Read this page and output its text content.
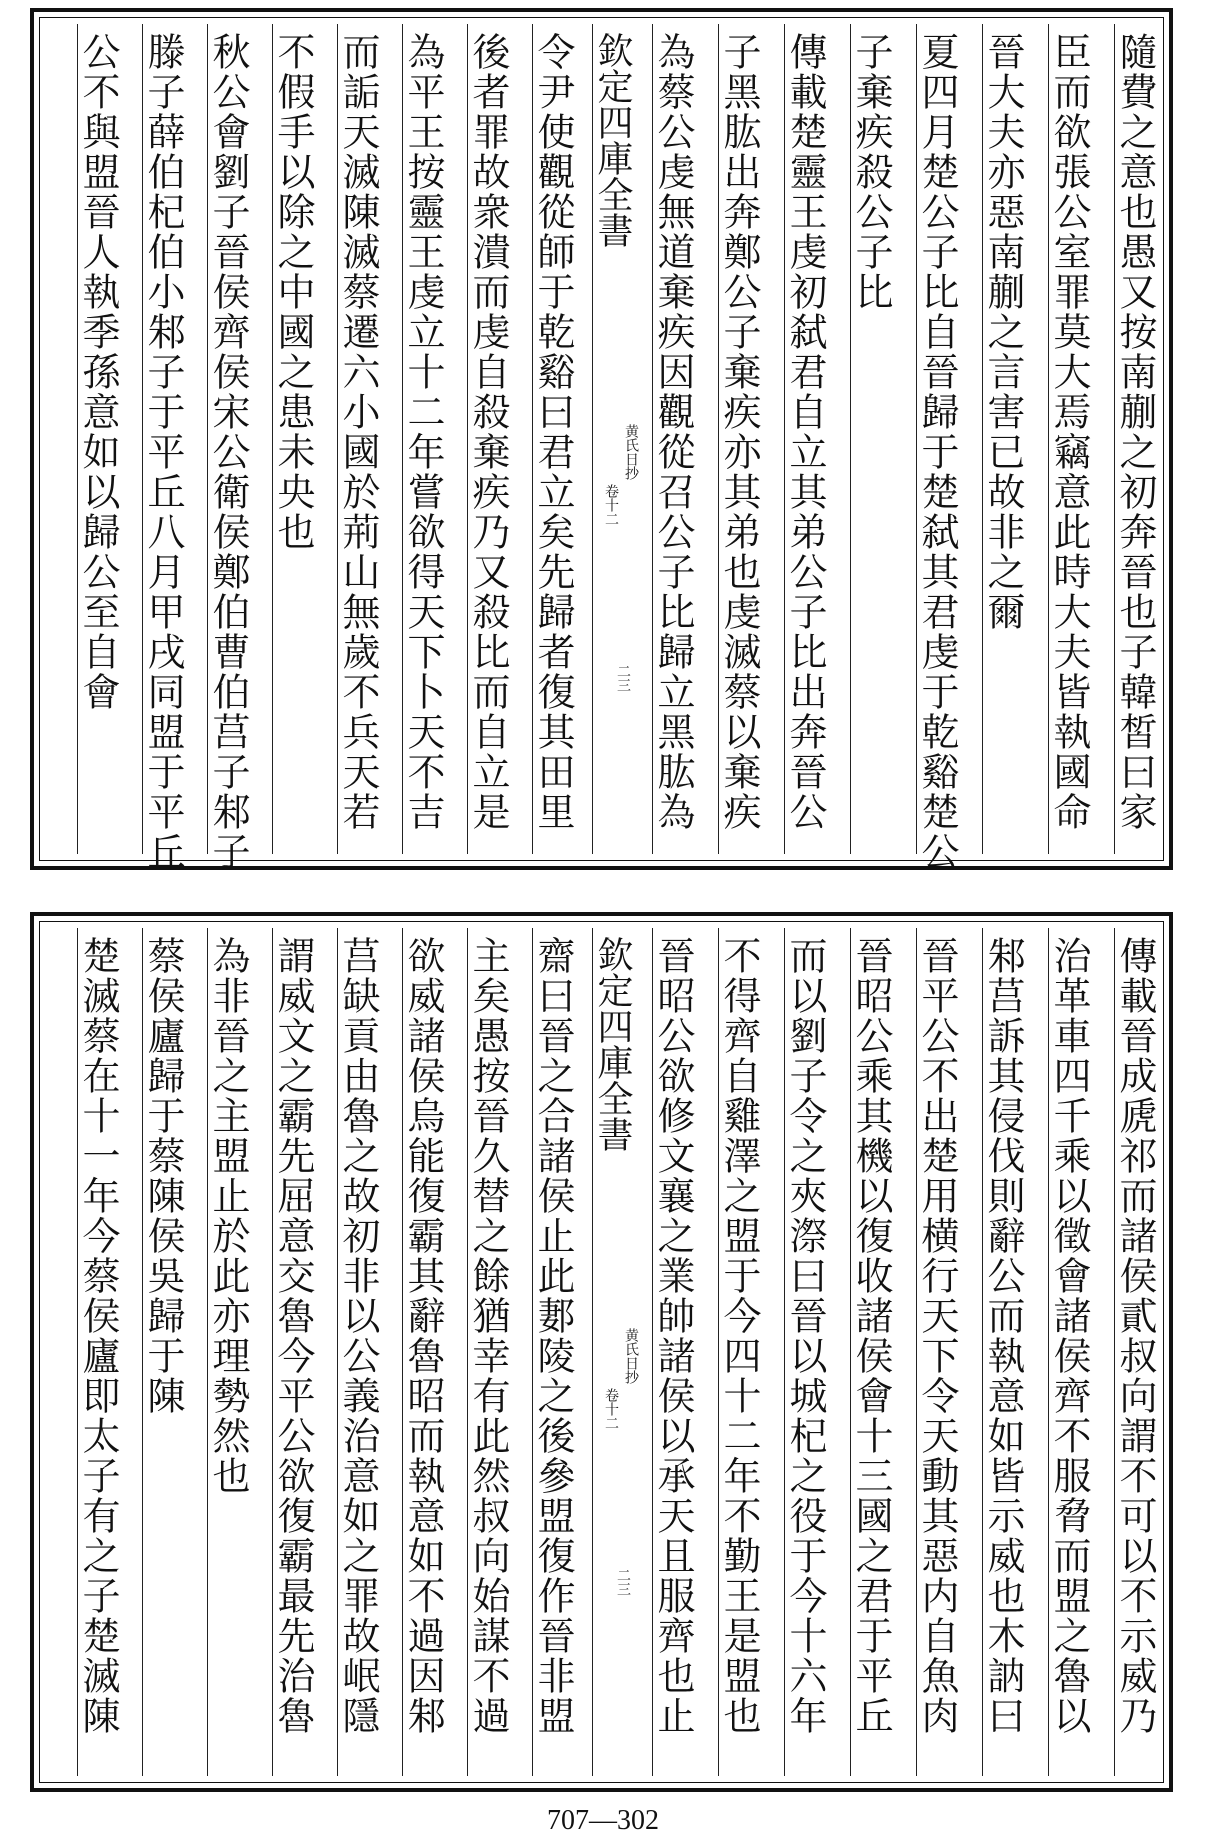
隨費之意也愚又按南蒯之初奔晉也子韓皙曰家
臣而欲張公室罪莫大焉竊意此時大夫皆執國命
晉大夫亦惡南蒯之言害已故非之爾
夏四月楚公子比自晉歸于楚弑其君虔于乾谿楚公
子棄疾殺公子比
傳載楚靈王虔初弑君自立其弟公子比出奔晉公
子黑肱出奔鄭公子棄疾亦其弟也虔滅蔡以棄疾
為蔡公虔無道棄疾因觀從召公子比歸立黑肱為
欽定四庫全書
黄氏日抄
卷十二
二三
令尹使觀從師于乾谿曰君立矣先歸者復其田里
後者罪故衆潰而虔自殺棄疾乃又殺比而自立是
為平王按靈王虔立十二年嘗欲得天下卜天不吉
而詬天滅陳滅蔡遷六小國於荊山無歲不兵天若
不假手以除之中國之患未央也
秋公會劉子晉侯齊侯宋公衛侯鄭伯曹伯莒子邾子
滕子薛伯杞伯小邾子于平丘八月甲戌同盟于平丘
公不與盟晉人執季孫意如以歸公至自會
傳載晉成虒祁而諸侯貳叔向謂不可以不示威乃
治革車四千乘以徵會諸侯齊不服脅而盟之魯以
邾莒訴其侵伐則辭公而執意如皆示威也木訥曰
晉平公不出楚用横行天下令天動其惡内自魚肉
晉昭公乘其機以復收諸侯會十三國之君于平丘
而以劉子令之夾漈曰晉以城杞之役于今十六年
不得齊自雞澤之盟于今四十二年不勤王是盟也
晉昭公欲修文襄之業帥諸侯以承天且服齊也止
欽定四庫全書
黄氏日抄
卷十二
二三
齋曰晉之合諸侯止此郪陵之後參盟復作晉非盟
主矣愚按晉久替之餘猶幸有此然叔向始謀不過
欲威諸侯烏能復霸其辭魯昭而執意如不過因邾
莒缺貢由魯之故初非以公義治意如之罪故岷隱
謂威文之霸先屈意交魯今平公欲復霸最先治魯
為非晉之主盟止於此亦理勢然也
蔡侯廬歸于蔡陳侯吳歸于陳
楚滅蔡在十一年今蔡侯廬即太子有之子楚滅陳
707—302
